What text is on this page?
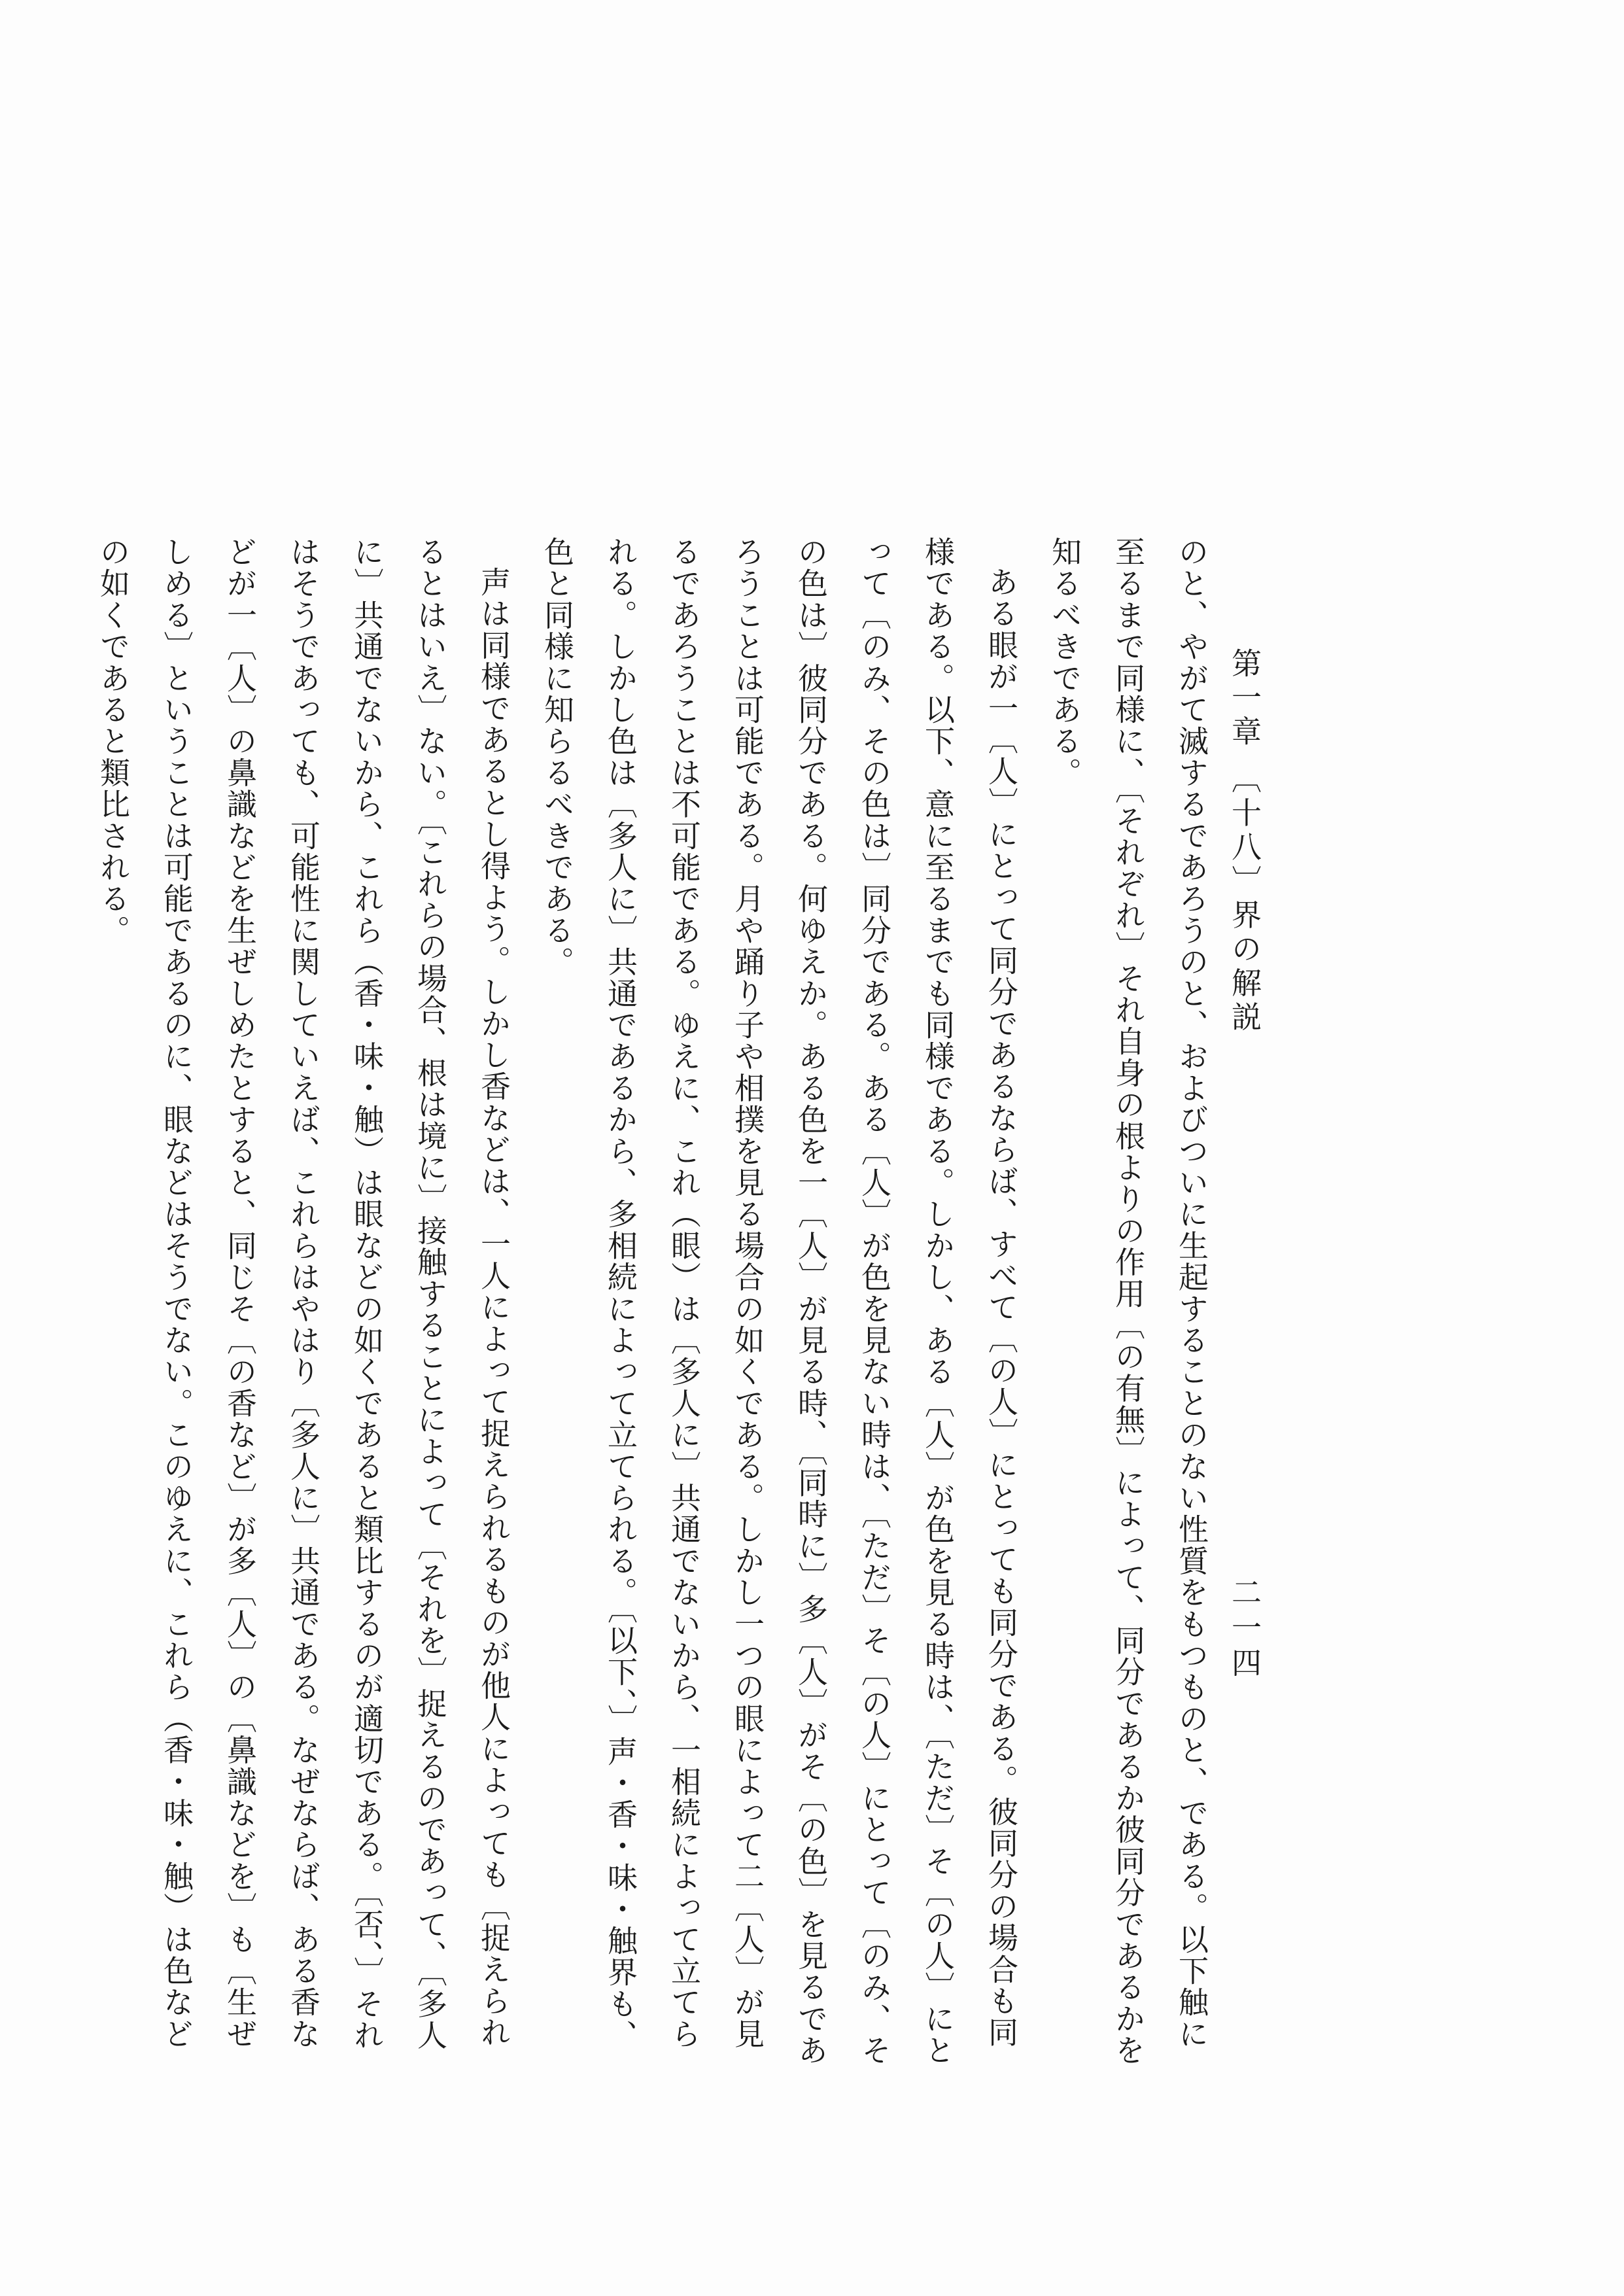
第一章 〔十八〕界の解説
二一四

のと、やがて滅するであろうのと、およびついに生起することのない性質をもつものと、である。以下触に至るまで同様に、〔それぞれ〕それ自身の根よりの作用〔の有無〕によって、同分であるか彼同分であるかを知るべきである。

ある眼が一〔人〕にとって同分であるならば、すべて〔の人〕にとっても同分である。彼同分の場合も同様である。以下、意に至るまでも同様である。しかし、ある〔人〕が色を見る時は、〔ただ〕そ〔の人〕にとって〔のみ、その色は〕同分である。ある〔人〕が色を見ない時は、〔ただ〕そ〔の人〕にとって〔のみ、その色は〕彼同分である。何ゆえか。ある色を一〔人〕が見る時、〔同時に〕多〔人〕がそ〔の色〕を見るであろうことは可能である。月や踊り子や相撲を見る場合の如くである。しかし一つの眼によって二〔人〕が見るであろうことは不可能である。ゆえに、これ（眼）は〔多人に〕共通でないから、一相続によって立てられる。しかし色は〔多人に〕共通であるから、多相続によって立てられる。〔以下、〕声・香・味・触界も、色と同様に知らるべきである。

声は同様であるとし得よう。しかし香などは、一人によって捉えられるものが他人によっても〔捉えられるとはいえ〕ない。〔これらの場合、根は境に〕接触することによって〔それを〕捉えるのであって、〔多人に〕共通でないから、これら（香・味・触）は眼などの如くであると類比するのが適切である。〔否、〕それはそうであっても、可能性に関していえば、これらはやはり〔多人に〕共通である。なぜならば、ある香などが一〔人〕の鼻識などを生ぜしめたとすると、同じそ〔の香など〕が多〔人〕の〔鼻識などを〕も〔生ぜしめる〕ということは可能であるのに、眼などはそうでない。このゆえに、これら（香・味・触）は色などの如くであると類比される。
